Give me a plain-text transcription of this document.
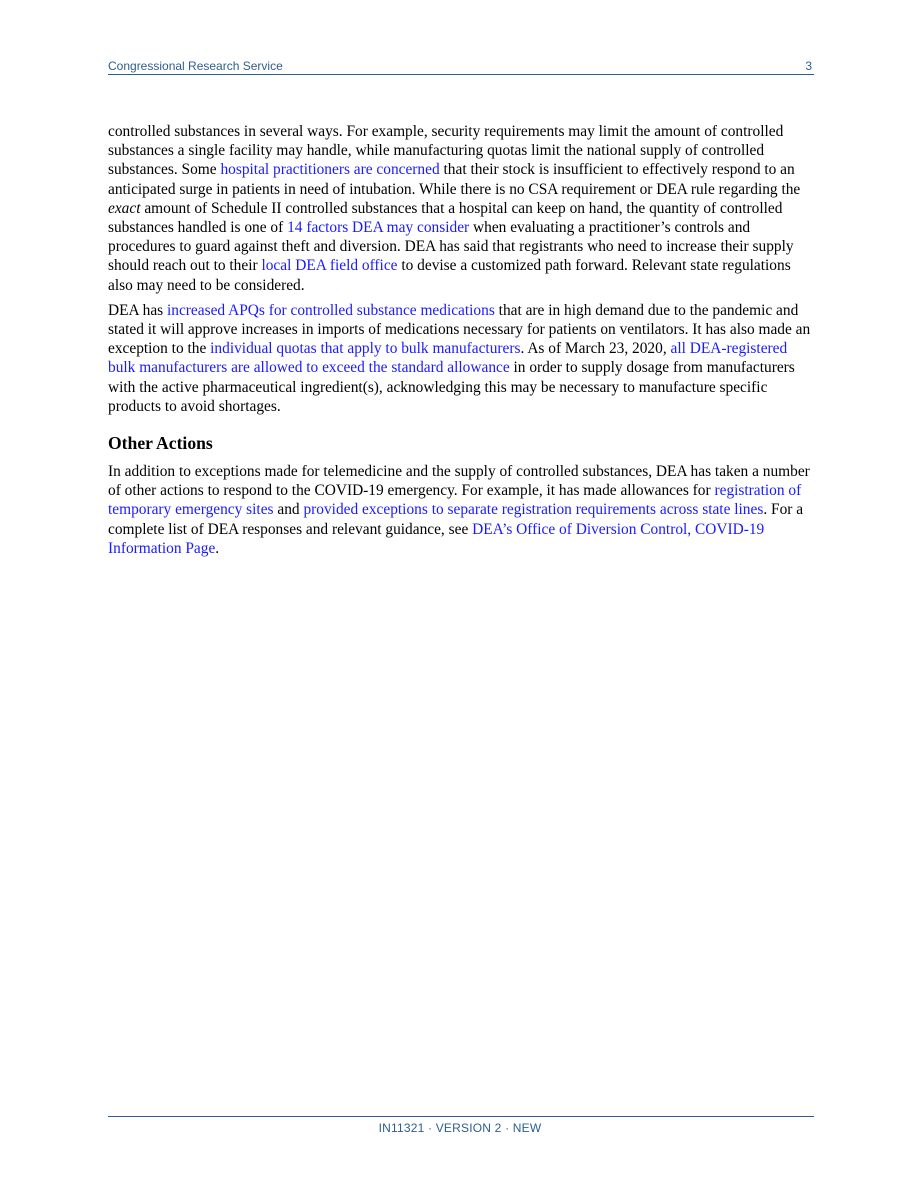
Congressional Research Service	3

controlled substances in several ways. For example, security requirements may limit the amount of controlled substances a single facility may handle, while manufacturing quotas limit the national supply of controlled substances. Some hospital practitioners are concerned that their stock is insufficient to effectively respond to an anticipated surge in patients in need of intubation. While there is no CSA requirement or DEA rule regarding the exact amount of Schedule II controlled substances that a hospital can keep on hand, the quantity of controlled substances handled is one of 14 factors DEA may consider when evaluating a practitioner’s controls and procedures to guard against theft and diversion. DEA has said that registrants who need to increase their supply should reach out to their local DEA field office to devise a customized path forward. Relevant state regulations also may need to be considered.

DEA has increased APQs for controlled substance medications that are in high demand due to the pandemic and stated it will approve increases in imports of medications necessary for patients on ventilators. It has also made an exception to the individual quotas that apply to bulk manufacturers. As of March 23, 2020, all DEA-registered bulk manufacturers are allowed to exceed the standard allowance in order to supply dosage from manufacturers with the active pharmaceutical ingredient(s), acknowledging this may be necessary to manufacture specific products to avoid shortages.

Other Actions

In addition to exceptions made for telemedicine and the supply of controlled substances, DEA has taken a number of other actions to respond to the COVID-19 emergency. For example, it has made allowances for registration of temporary emergency sites and provided exceptions to separate registration requirements across state lines. For a complete list of DEA responses and relevant guidance, see DEA’s Office of Diversion Control, COVID-19 Information Page.

IN11321 · VERSION 2 · NEW
